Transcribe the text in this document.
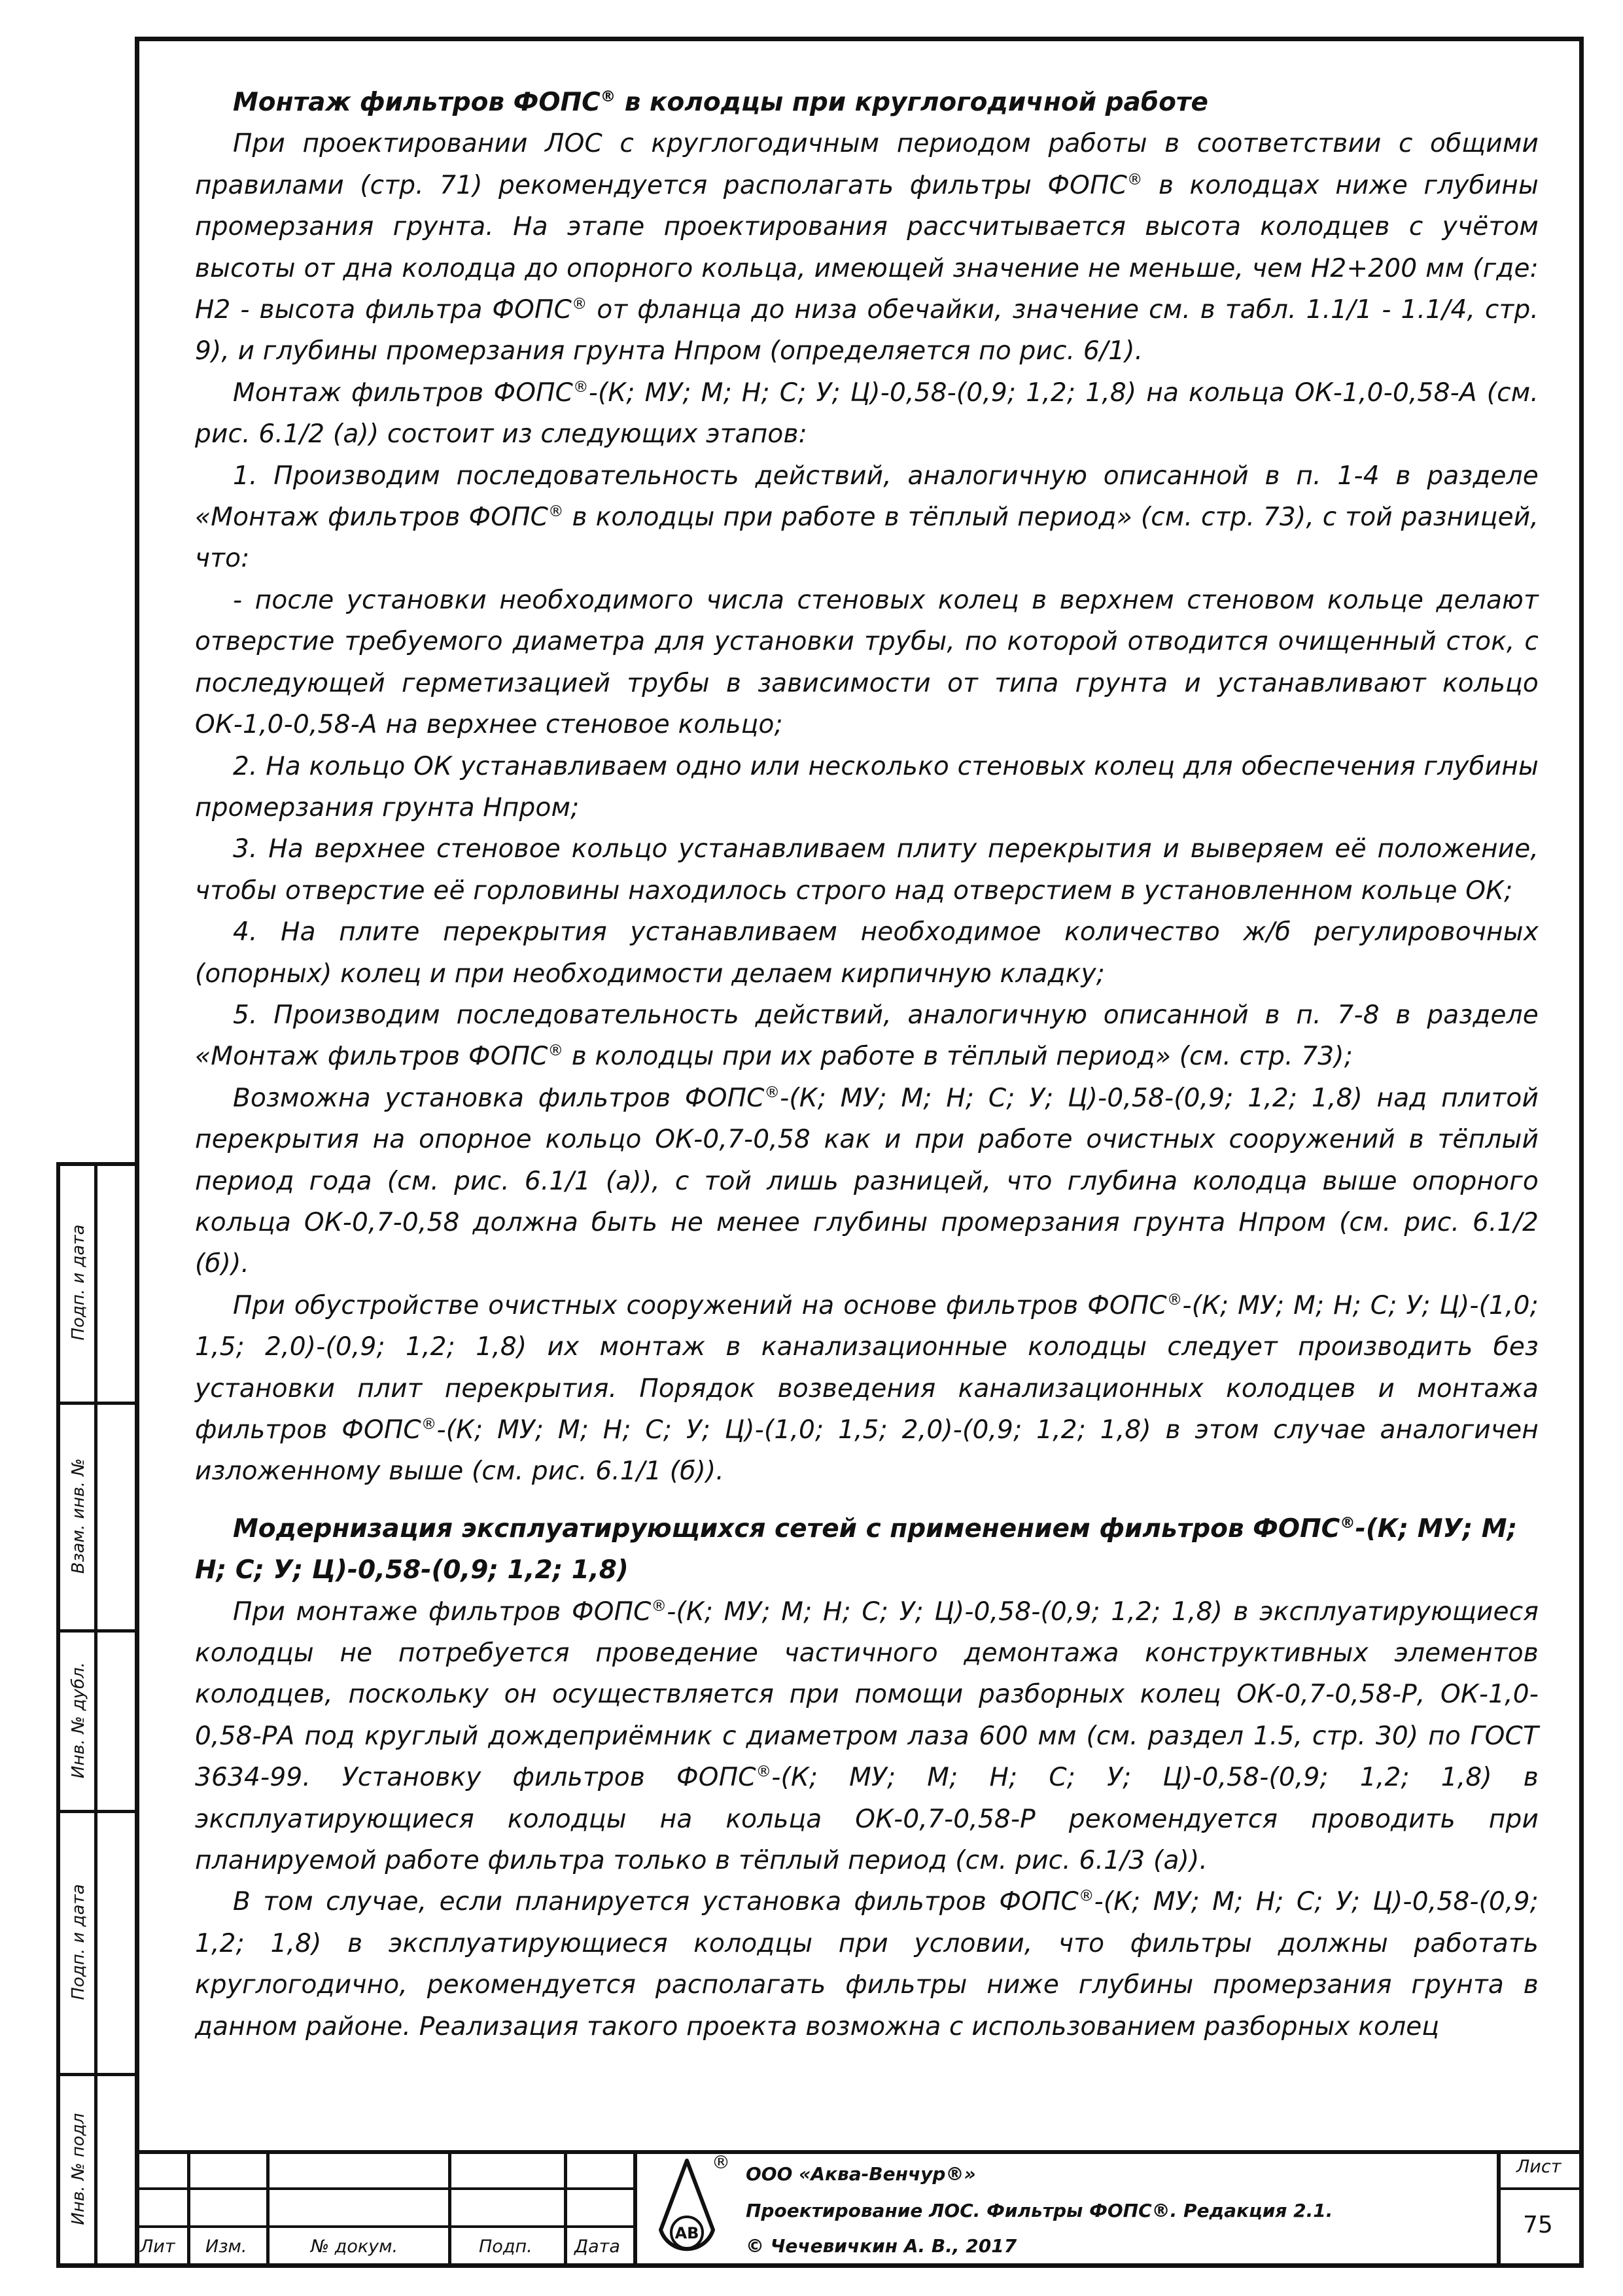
Монтаж фильтров ФОПС® в колодцы при круглогодичной работе

При проектировании ЛОС с круглогодичным периодом работы в соответствии с общими правилами (стр. 71) рекомендуется располагать фильтры ФОПС® в колодцах ниже глубины промерзания грунта. На этапе проектирования рассчитывается высота колодцев с учётом высоты от дна колодца до опорного кольца, имеющей значение не меньше, чем Н2+200 мм (где: Н2 - высота фильтра ФОПС® от фланца до низа обечайки, значение см. в табл. 1.1/1 - 1.1/4, стр. 9), и глубины промерзания грунта Нпром (определяется по рис. 6/1).

Монтаж фильтров ФОПС®-(К; МУ; М; Н; С; У; Ц)-0,58-(0,9; 1,2; 1,8) на кольца ОК-1,0-0,58-А (см. рис. 6.1/2 (а)) состоит из следующих этапов:

1. Производим последовательность действий, аналогичную описанной в п. 1-4 в разделе «Монтаж фильтров ФОПС® в колодцы при работе в тёплый период» (см. стр. 73), с той разницей, что:

- после установки необходимого числа стеновых колец в верхнем стеновом кольце делают отверстие требуемого диаметра для установки трубы, по которой отводится очищенный сток, с последующей герметизацией трубы в зависимости от типа грунта и устанавливают кольцо ОК-1,0-0,58-А на верхнее стеновое кольцо;

2. На кольцо ОК устанавливаем одно или несколько стеновых колец для обеспечения глубины промерзания грунта Нпром;

3. На верхнее стеновое кольцо устанавливаем плиту перекрытия и выверяем её положение, чтобы отверстие её горловины находилось строго над отверстием в установленном кольце ОК;

4. На плите перекрытия устанавливаем необходимое количество ж/б регулировочных (опорных) колец и при необходимости делаем кирпичную кладку;

5. Производим последовательность действий, аналогичную описанной в п. 7-8 в разделе «Монтаж фильтров ФОПС® в колодцы при их работе в тёплый период» (см. стр. 73);

Возможна установка фильтров ФОПС®-(К; МУ; М; Н; С; У; Ц)-0,58-(0,9; 1,2; 1,8) над плитой перекрытия на опорное кольцо ОК-0,7-0,58 как и при работе очистных сооружений в тёплый период года (см. рис. 6.1/1 (а)), с той лишь разницей, что глубина колодца выше опорного кольца ОК-0,7-0,58 должна быть не менее глубины промерзания грунта Нпром (см. рис. 6.1/2 (б)).

При обустройстве очистных сооружений на основе фильтров ФОПС®-(К; МУ; М; Н; С; У; Ц)-(1,0; 1,5; 2,0)-(0,9; 1,2; 1,8) их монтаж в канализационные колодцы следует производить без установки плит перекрытия. Порядок возведения канализационных колодцев и монтажа фильтров ФОПС®-(К; МУ; М; Н; С; У; Ц)-(1,0; 1,5; 2,0)-(0,9; 1,2; 1,8) в этом случае аналогичен изложенному выше (см. рис. 6.1/1 (б)).

Модернизация эксплуатирующихся сетей с применением фильтров ФОПС®-(К; МУ; М; Н; С; У; Ц)-0,58-(0,9; 1,2; 1,8)

При монтаже фильтров ФОПС®-(К; МУ; М; Н; С; У; Ц)-0,58-(0,9; 1,2; 1,8) в эксплуатирующиеся колодцы не потребуется проведение частичного демонтажа конструктивных элементов колодцев, поскольку он осуществляется при помощи разборных колец ОК-0,7-0,58-Р, ОК-1,0-0,58-РА под круглый дождеприёмник с диаметром лаза 600 мм (см. раздел 1.5, стр. 30) по ГОСТ 3634-99. Установку фильтров ФОПС®-(К; МУ; М; Н; С; У; Ц)-0,58-(0,9; 1,2; 1,8) в эксплуатирующиеся колодцы на кольца ОК-0,7-0,58-Р рекомендуется проводить при планируемой работе фильтра только в тёплый период (см. рис. 6.1/3 (а)).

В том случае, если планируется установка фильтров ФОПС®-(К; МУ; М; Н; С; У; Ц)-0,58-(0,9; 1,2; 1,8) в эксплуатирующиеся колодцы при условии, что фильтры должны работать круглогодично, рекомендуется располагать фильтры ниже глубины промерзания грунта в данном районе. Реализация такого проекта возможна с использованием разборных колец

Подп. и дата
Взам. инв. №
Инв. № дубл.
Подп. и дата
Инв. № подл
Лит Изм.	№ докум.	Подп. Дата
АВ
®
ООО «Аква-Венчур®»
Проектирование ЛОС. Фильтры ФОПС®. Редакция 2.1.
© Чечевичкин А. В., 2017
Лист
75
